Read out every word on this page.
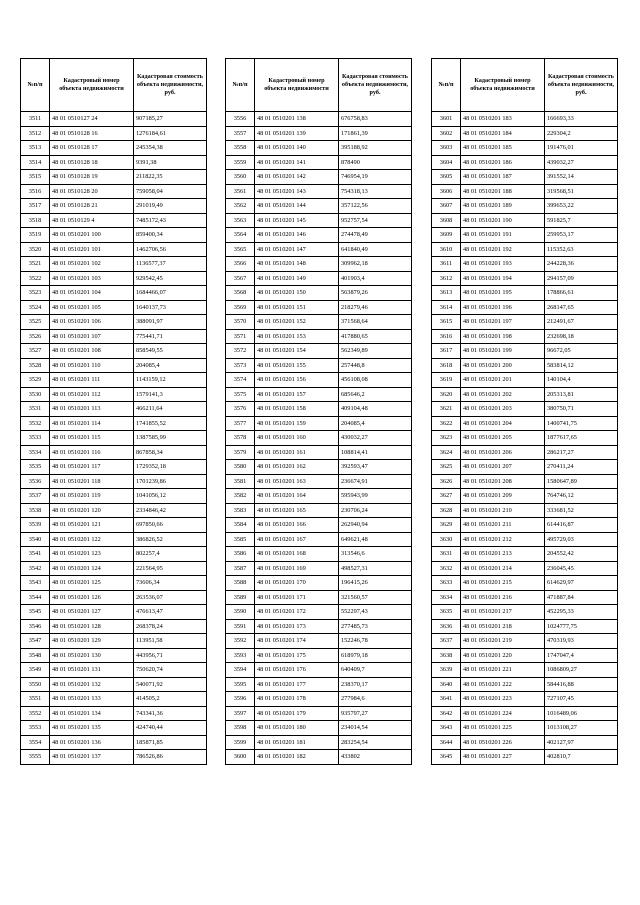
№п/п	Кадастровый номер объекта недвижимости	Кадастровая стоимость объекта недвижимости, руб.
3511	48 01 0510127 24	907185,27
3512	48 01 0510128 16	1276184,61
3513	48 01 0510128 17	245354,38
3514	48 01 0510128 18	9391,38
3515	48 01 0510128 19	211822,35
3516	48 01 0510128 20	759058,04
3517	48 01 0510128 21	291019,49
3518	48 01 0510129 4	7485172,43
3519	48 01 0510201 100	859400,34
3520	48 01 0510201 101	1462706,56
3521	48 01 0510201 102	1136577,37
3522	48 01 0510201 103	929542,45
3523	48 01 0510201 104	1684466,07
3524	48 01 0510201 105	1640137,73
3525	48 01 0510201 106	388091,97
3526	48 01 0510201 107	775441,71
3527	48 01 0510201 108	858549,55
3528	48 01 0510201 110	204085,4
3529	48 01 0510201 111	1143159,12
3530	48 01 0510201 112	1579141,3
3531	48 01 0510201 113	466211,64
3532	48 01 0510201 114	1741855,52
3533	48 01 0510201 115	1387585,99
3534	48 01 0510201 116	867858,34
3535	48 01 0510201 117	1729352,18
3536	48 01 0510201 118	1701239,86
3537	48 01 0510201 119	1041056,12
3538	48 01 0510201 120	2334846,42
3539	48 01 0510201 121	697850,66
3540	48 01 0510201 122	386826,52
3541	48 01 0510201 123	802257,4
3542	48 01 0510201 124	221564,95
3543	48 01 0510201 125	73606,34
3544	48 01 0510201 126	263536,07
3545	48 01 0510201 127	476613,47
3546	48 01 0510201 128	268378,24
3547	48 01 0510201 129	113951,58
3548	48 01 0510201 130	443956,71
3549	48 01 0510201 131	750620,74
3550	48 01 0510201 132	540071,92
3551	48 01 0510201 133	414505,2
3552	48 01 0510201 134	743341,36
3553	48 01 0510201 135	424740,44
3554	48 01 0510201 136	185871,85
3555	48 01 0510201 137	786526,86
№п/п	Кадастровый номер объекта недвижимости	Кадастровая стоимость объекта недвижимости, руб.
3556	48 01 0510201 138	676758,83
3557	48 01 0510201 139	171861,39
3558	48 01 0510201 140	395188,92
3559	48 01 0510201 141	878490
3560	48 01 0510201 142	746954,19
3561	48 01 0510201 143	754318,13
3562	48 01 0510201 144	357122,56
3563	48 01 0510201 145	952757,54
3564	48 01 0510201 146	274478,49
3565	48 01 0510201 147	641840,49
3566	48 01 0510201 148	309962,18
3567	48 01 0510201 149	401903,4
3568	48 01 0510201 150	563879,26
3569	48 01 0510201 151	218279,46
3570	48 01 0510201 152	371568,64
3571	48 01 0510201 153	417880,65
3572	48 01 0510201 154	562349,89
3573	48 01 0510201 155	257448,8
3574	48 01 0510201 156	456108,08
3575	48 01 0510201 157	685646,2
3576	48 01 0510201 158	409104,48
3577	48 01 0510201 159	204085,4
3578	48 01 0510201 160	430032,27
3579	48 01 0510201 161	108814,41
3580	48 01 0510201 162	392593,47
3581	48 01 0510201 163	236674,91
3582	48 01 0510201 164	595943,99
3583	48 01 0510201 165	230706,24
3584	48 01 0510201 166	262940,94
3585	48 01 0510201 167	649621,48
3586	48 01 0510201 168	313546,6
3587	48 01 0510201 169	498527,31
3588	48 01 0510201 170	196415,26
3589	48 01 0510201 171	321560,57
3590	48 01 0510201 172	552297,43
3591	48 01 0510201 173	277485,73
3592	48 01 0510201 174	152246,78
3593	48 01 0510201 175	618979,18
3594	48 01 0510201 176	640409,7
3595	48 01 0510201 177	238370,17
3596	48 01 0510201 178	277984,6
3597	48 01 0510201 179	935797,27
3598	48 01 0510201 180	234014,54
3599	48 01 0510201 181	283254,54
3600	48 01 0510201 182	433802
№п/п	Кадастровый номер объекта недвижимости	Кадастровая стоимость объекта недвижимости, руб.
3601	48 01 0510201 183	166693,33
3602	48 01 0510201 184	229304,2
3603	48 01 0510201 185	191476,01
3604	48 01 0510201 186	439032,27
3605	48 01 0510201 187	391552,14
3606	48 01 0510201 188	319568,51
3607	48 01 0510201 189	399653,22
3608	48 01 0510201 190	591825,7
3609	48 01 0510201 191	259953,17
3610	48 01 0510201 192	115352,63
3611	48 01 0510201 193	244228,36
3612	48 01 0510201 194	294157,09
3613	48 01 0510201 195	178866,61
3614	48 01 0510201 196	268147,65
3615	48 01 0510201 197	212491,67
3616	48 01 0510201 198	232698,18
3617	48 01 0510201 199	96672,05
3618	48 01 0510201 200	583814,12
3619	48 01 0510201 201	140104,4
3620	48 01 0510201 202	205313,81
3621	48 01 0510201 203	380750,71
3622	48 01 0510201 204	1400741,75
3623	48 01 0510201 205	1877617,65
3624	48 01 0510201 206	286217,27
3625	48 01 0510201 207	270411,24
3626	48 01 0510201 208	1580647,89
3627	48 01 0510201 209	764746,12
3628	48 01 0510201 210	333681,52
3629	48 01 0510201 211	614416,87
3630	48 01 0510201 212	495729,03
3631	48 01 0510201 213	204552,42
3632	48 01 0510201 214	236045,45
3633	48 01 0510201 215	614629,97
3634	48 01 0510201 216	471887,84
3635	48 01 0510201 217	452295,33
3636	48 01 0510201 218	1024777,75
3637	48 01 0510201 219	470319,93
3638	48 01 0510201 220	1747047,4
3639	48 01 0510201 221	1086809,27
3640	48 01 0510201 222	584416,88
3641	48 01 0510201 223	727107,45
3642	48 01 0510201 224	1016489,06
3643	48 01 0510201 225	1013108,27
3644	48 01 0510201 226	402127,97
3645	48 01 0510201 227	402810,7
